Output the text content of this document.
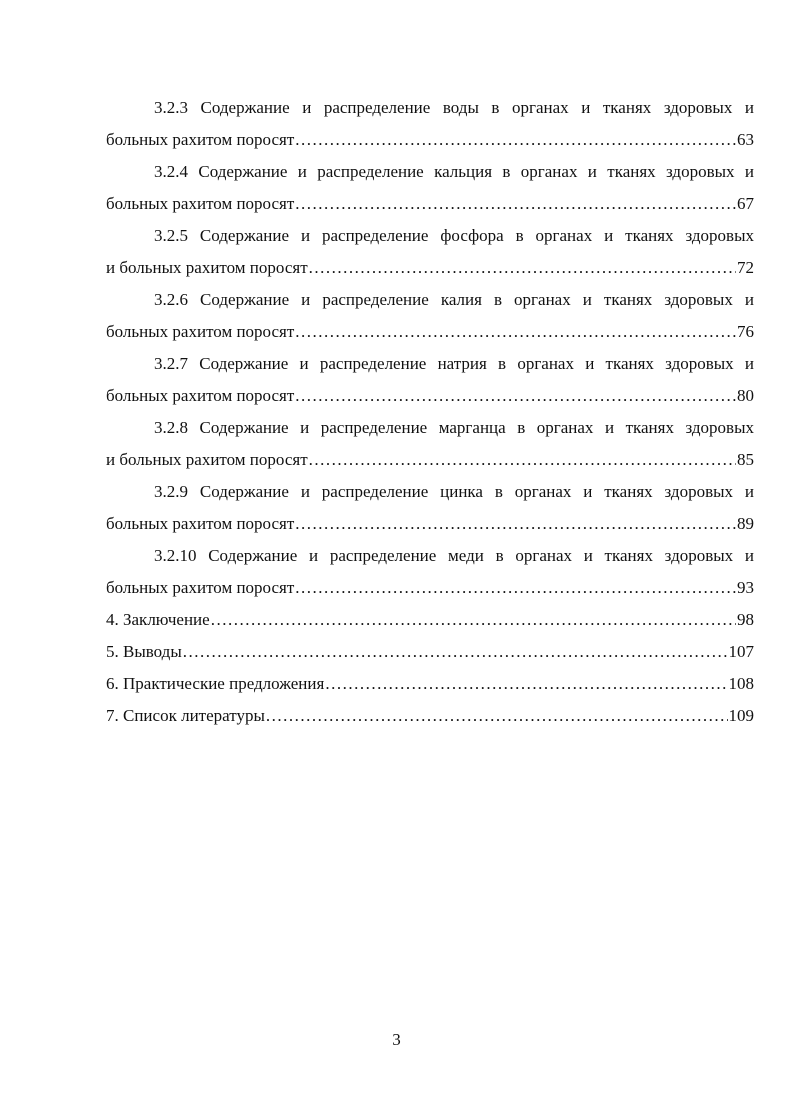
3.2.3 Содержание и распределение воды в органах и тканях здоровых и
больных рахитом поросят .....	63
3.2.4 Содержание и распределение кальция в органах и тканях здоровых и
больных рахитом поросят .....	67
3.2.5 Содержание и распределение фосфора в органах и тканях здоровых
и больных рахитом поросят .....	72
3.2.6 Содержание и распределение калия в органах и тканях здоровых и
больных рахитом поросят .....	76
3.2.7 Содержание и распределение натрия в органах и тканях здоровых и
больных рахитом поросят .....	80
3.2.8 Содержание и распределение марганца в органах и тканях здоровых
и больных рахитом поросят .....	85
3.2.9 Содержание и распределение цинка в органах и тканях здоровых и
больных рахитом поросят .....	89
3.2.10 Содержание и распределение меди в органах и тканях здоровых и
больных рахитом поросят .....	93
4. Заключение .....	98
5. Выводы .....	107
6. Практические предложения .....	108
7. Список литературы .....	109
3
